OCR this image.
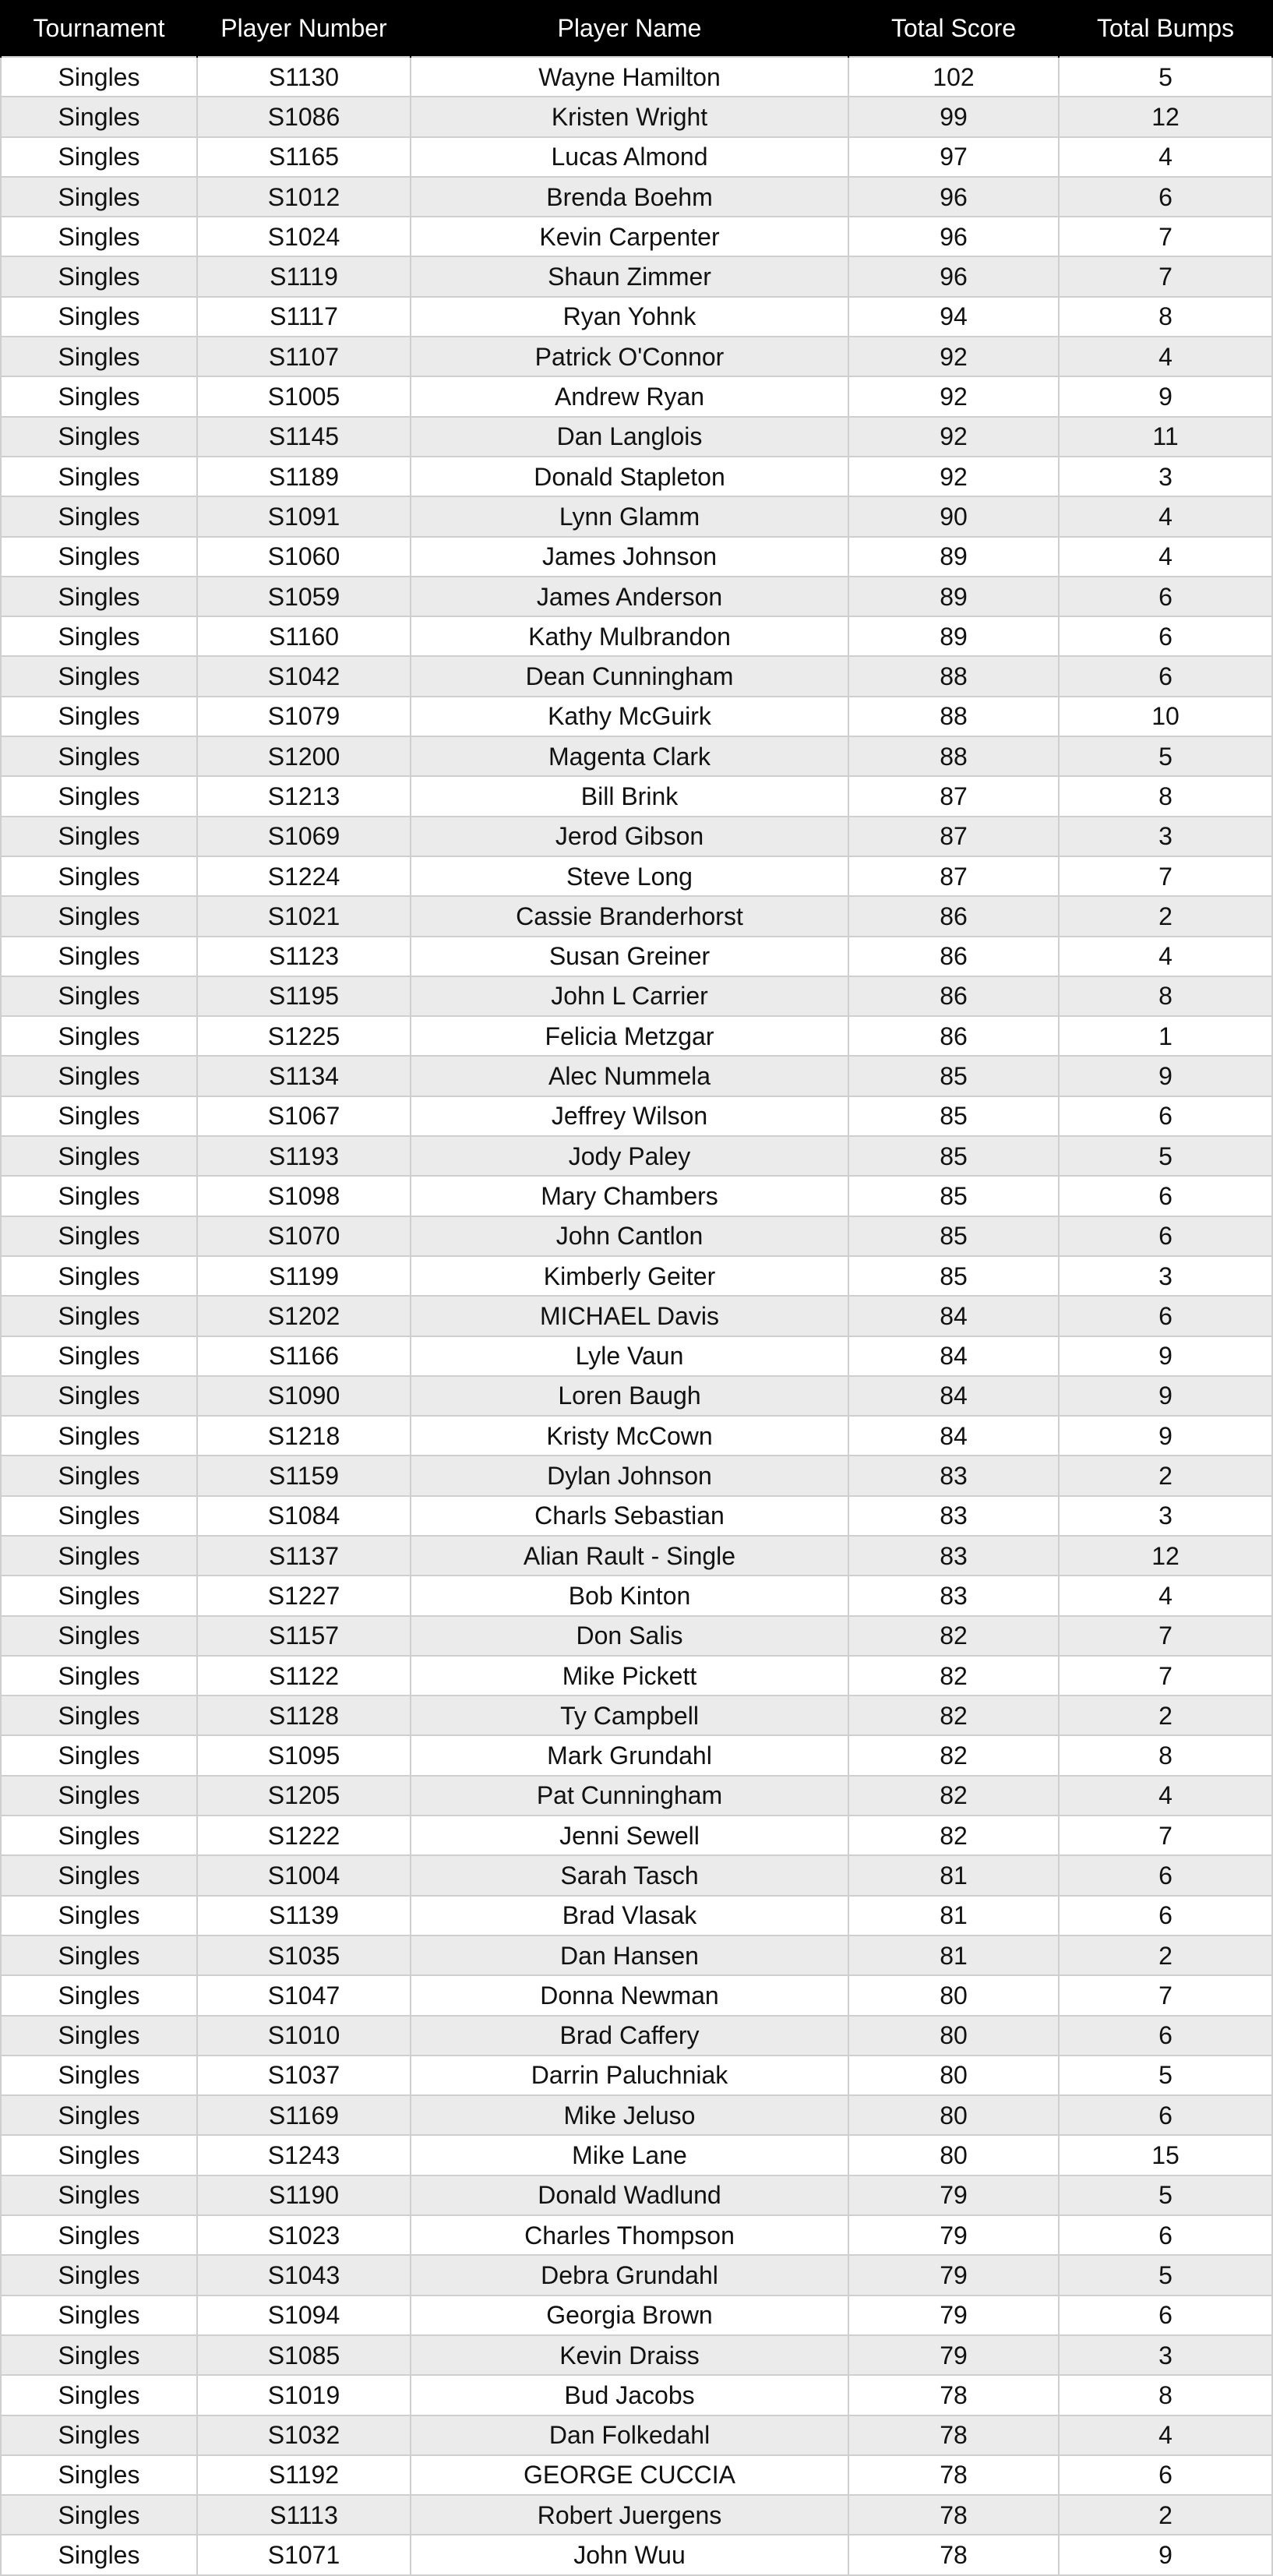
Tournament	Player Number	Player Name	Total Score	Total Bumps
Singles	S1130	Wayne Hamilton	102	5
Singles	S1086	Kristen Wright	99	12
Singles	S1165	Lucas Almond	97	4
Singles	S1012	Brenda Boehm	96	6
Singles	S1024	Kevin Carpenter	96	7
Singles	S1119	Shaun Zimmer	96	7
Singles	S1117	Ryan Yohnk	94	8
Singles	S1107	Patrick O'Connor	92	4
Singles	S1005	Andrew Ryan	92	9
Singles	S1145	Dan Langlois	92	11
Singles	S1189	Donald Stapleton	92	3
Singles	S1091	Lynn Glamm	90	4
Singles	S1060	James Johnson	89	4
Singles	S1059	James Anderson	89	6
Singles	S1160	Kathy Mulbrandon	89	6
Singles	S1042	Dean Cunningham	88	6
Singles	S1079	Kathy McGuirk	88	10
Singles	S1200	Magenta Clark	88	5
Singles	S1213	Bill Brink	87	8
Singles	S1069	Jerod Gibson	87	3
Singles	S1224	Steve Long	87	7
Singles	S1021	Cassie Branderhorst	86	2
Singles	S1123	Susan Greiner	86	4
Singles	S1195	John L Carrier	86	8
Singles	S1225	Felicia Metzgar	86	1
Singles	S1134	Alec Nummela	85	9
Singles	S1067	Jeffrey Wilson	85	6
Singles	S1193	Jody Paley	85	5
Singles	S1098	Mary Chambers	85	6
Singles	S1070	John Cantlon	85	6
Singles	S1199	Kimberly Geiter	85	3
Singles	S1202	MICHAEL Davis	84	6
Singles	S1166	Lyle Vaun	84	9
Singles	S1090	Loren Baugh	84	9
Singles	S1218	Kristy McCown	84	9
Singles	S1159	Dylan Johnson	83	2
Singles	S1084	Charls Sebastian	83	3
Singles	S1137	Alian Rault - Single	83	12
Singles	S1227	Bob Kinton	83	4
Singles	S1157	Don Salis	82	7
Singles	S1122	Mike Pickett	82	7
Singles	S1128	Ty Campbell	82	2
Singles	S1095	Mark Grundahl	82	8
Singles	S1205	Pat Cunningham	82	4
Singles	S1222	Jenni Sewell	82	7
Singles	S1004	Sarah Tasch	81	6
Singles	S1139	Brad Vlasak	81	6
Singles	S1035	Dan Hansen	81	2
Singles	S1047	Donna Newman	80	7
Singles	S1010	Brad Caffery	80	6
Singles	S1037	Darrin Paluchniak	80	5
Singles	S1169	Mike Jeluso	80	6
Singles	S1243	Mike Lane	80	15
Singles	S1190	Donald Wadlund	79	5
Singles	S1023	Charles Thompson	79	6
Singles	S1043	Debra Grundahl	79	5
Singles	S1094	Georgia Brown	79	6
Singles	S1085	Kevin Draiss	79	3
Singles	S1019	Bud Jacobs	78	8
Singles	S1032	Dan Folkedahl	78	4
Singles	S1192	GEORGE CUCCIA	78	6
Singles	S1113	Robert Juergens	78	2
Singles	S1071	John Wuu	78	9
